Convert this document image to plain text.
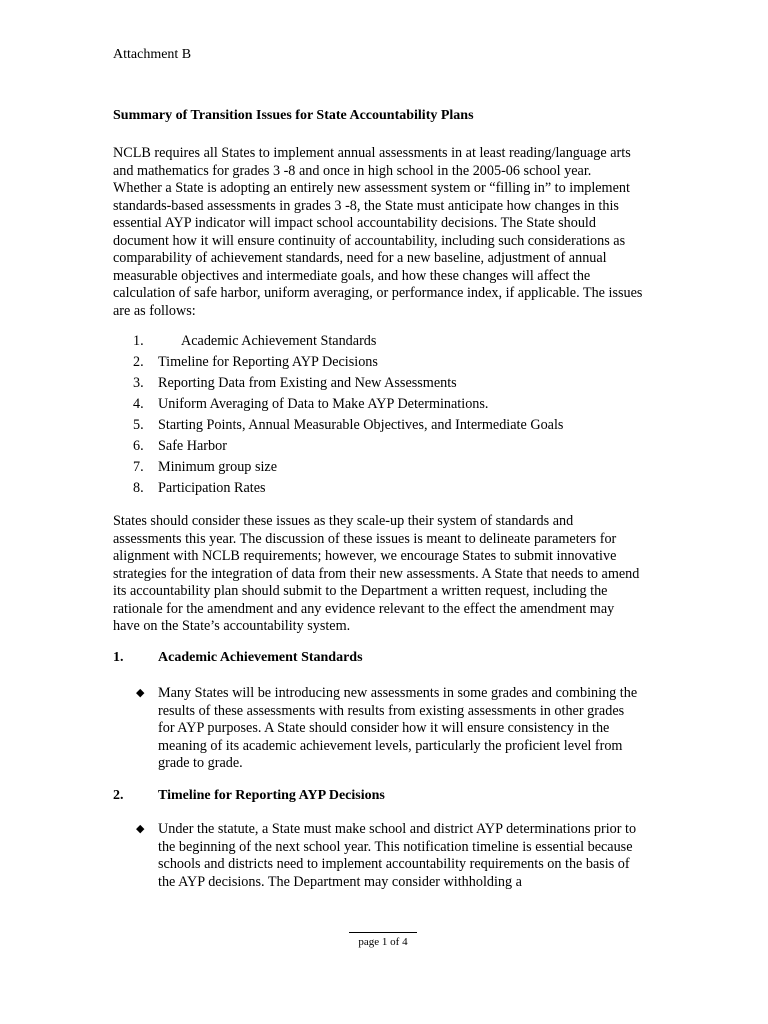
Attachment B
Summary of Transition Issues for State Accountability Plans

NCLB requires all States to implement annual assessments in at least reading/language arts and mathematics for grades 3 -8 and once in high school in the 2005-06 school year. Whether a State is adopting an entirely new assessment system or “filling in” to implement standards-based assessments in grades 3 -8, the State must anticipate how changes in this essential AYP indicator will impact school accountability decisions. The State should document how it will ensure continuity of accountability, including such considerations as comparability of achievement standards, need for a new baseline, adjustment of annual measurable objectives and intermediate goals, and how these changes will affect the calculation of safe harbor, uniform averaging, or performance index, if applicable. The issues are as follows:

1.	Academic Achievement Standards
2.	Timeline for Reporting AYP Decisions
3.	Reporting Data from Existing and New Assessments
4.	Uniform Averaging of Data to Make AYP Determinations.
5.	Starting Points, Annual Measurable Objectives, and Intermediate Goals
6.	Safe Harbor
7.	Minimum group size
8.	Participation Rates

States should consider these issues as they scale-up their system of standards and assessments this year. The discussion of these issues is meant to delineate parameters for alignment with NCLB requirements; however, we encourage States to submit innovative strategies for the integration of data from their new assessments. A State that needs to amend its accountability plan should submit to the Department a written request, including the rationale for the amendment and any evidence relevant to the effect the amendment may have on the State’s accountability system.

1. Academic Achievement Standards
◆ Many States will be introducing new assessments in some grades and combining the results of these assessments with results from existing assessments in other grades for AYP purposes. A State should consider how it will ensure consistency in the meaning of its academic achievement levels, particularly the proficient level from grade to grade.

2. Timeline for Reporting AYP Decisions
◆ Under the statute, a State must make school and district AYP determinations prior to the beginning of the next school year. This notification timeline is essential because schools and districts need to implement accountability requirements on the basis of the AYP decisions. The Department may consider withholding a

page 1 of 4
